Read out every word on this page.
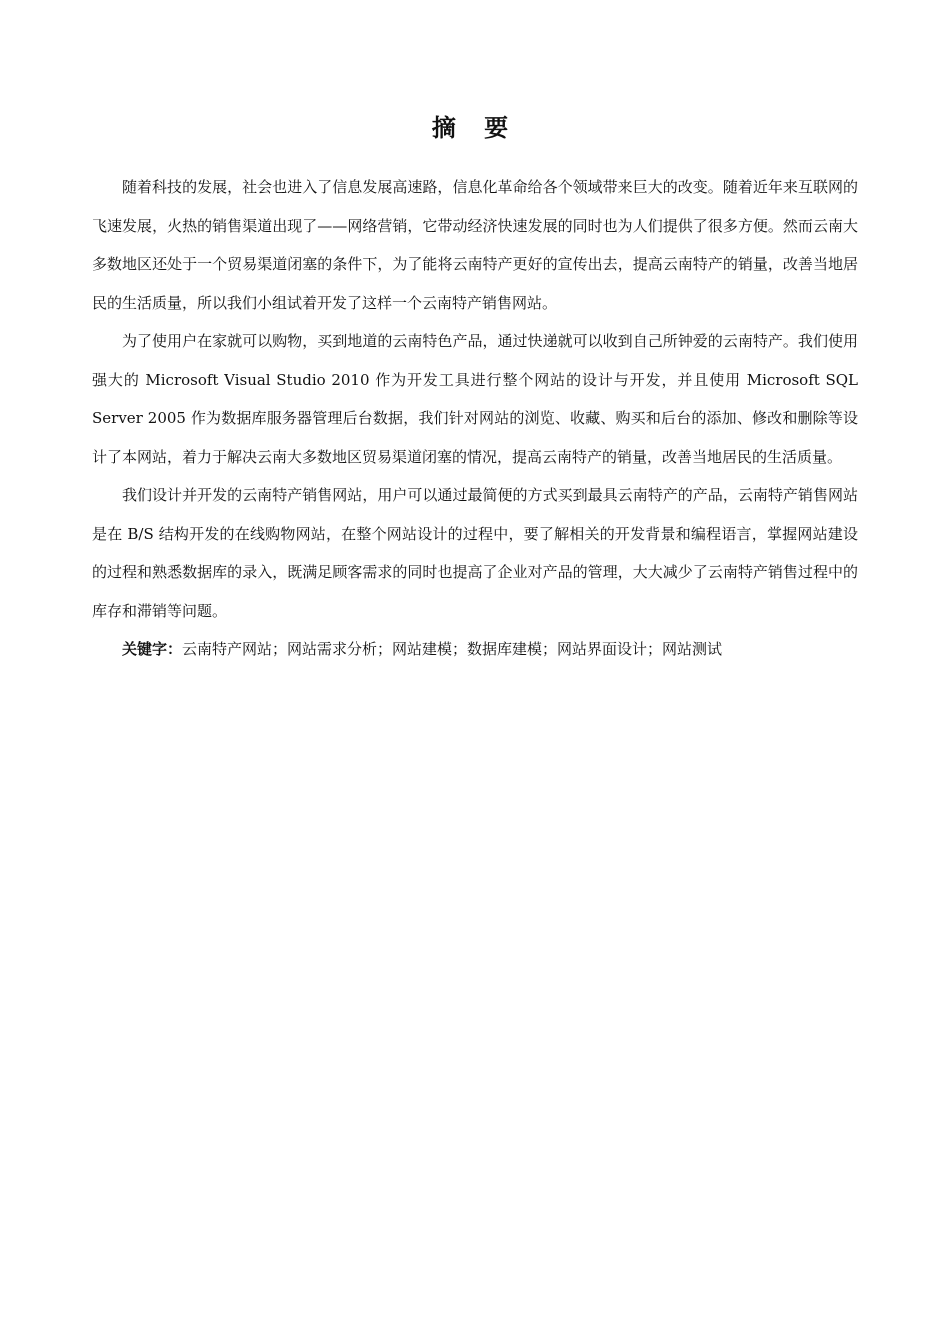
摘 要

随着科技的发展，社会也进入了信息发展高速路，信息化革命给各个领域带来巨大的改变。随着近年来互联网的飞速发展，火热的销售渠道出现了——网络营销，它带动经济快速发展的同时也为人们提供了很多方便。然而云南大多数地区还处于一个贸易渠道闭塞的条件下，为了能将云南特产更好的宣传出去，提高云南特产的销量，改善当地居民的生活质量，所以我们小组试着开发了这样一个云南特产销售网站。

为了使用户在家就可以购物，买到地道的云南特色产品，通过快递就可以收到自己所钟爱的云南特产。我们使用强大的 Microsoft Visual Studio 2010 作为开发工具进行整个网站的设计与开发，并且使用 Microsoft SQL Server 2005 作为数据库服务器管理后台数据，我们针对网站的浏览、收藏、购买和后台的添加、修改和删除等设计了本网站，着力于解决云南大多数地区贸易渠道闭塞的情况，提高云南特产的销量，改善当地居民的生活质量。

我们设计并开发的云南特产销售网站，用户可以通过最简便的方式买到最具云南特产的产品，云南特产销售网站是在 B/S 结构开发的在线购物网站，在整个网站设计的过程中，要了解相关的开发背景和编程语言，掌握网站建设的过程和熟悉数据库的录入，既满足顾客需求的同时也提高了企业对产品的管理，大大减少了云南特产销售过程中的库存和滞销等问题。

关键字：云南特产网站；网站需求分析；网站建模；数据库建模；网站界面设计；网站测试
